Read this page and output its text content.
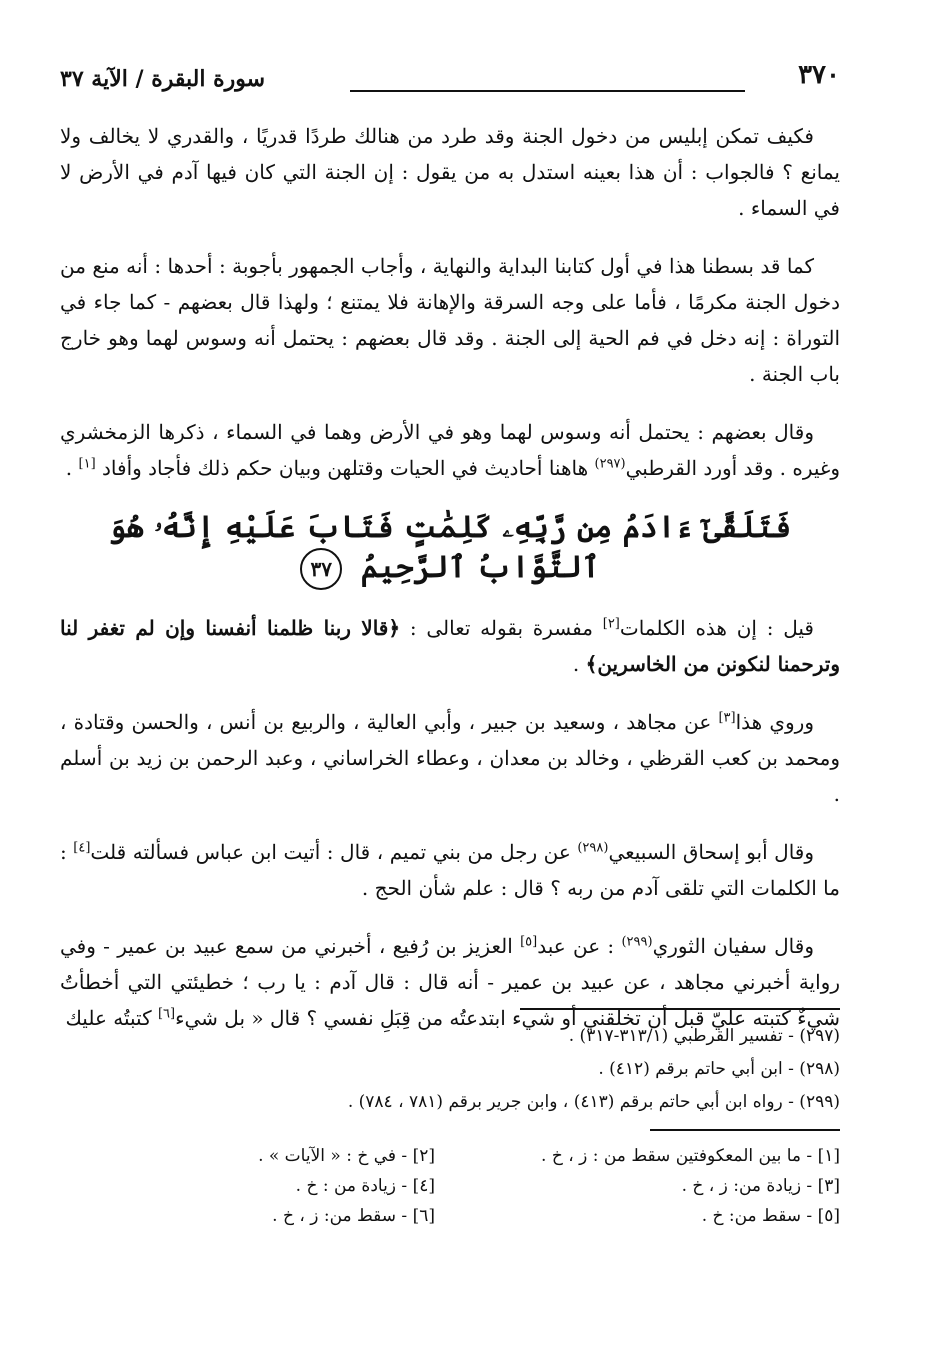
٣٧٠
سورة البقرة / الآية ٣٧

فكيف تمكن إبليس من دخول الجنة وقد طرد من هنالك طردًا قدريًا ، والقدري لا يخالف ولا يمانع ؟ فالجواب : أن هذا بعينه استدل به من يقول : إن الجنة التي كان فيها آدم في الأرض لا في السماء .

كما قد بسطنا هذا في أول كتابنا البداية والنهاية ، وأجاب الجمهور بأجوبة : أحدها : أنه منع من دخول الجنة مكرمًا ، فأما على وجه السرقة والإهانة فلا يمتنع ؛ ولهذا قال بعضهم - كما جاء في التوراة : إنه دخل في فم الحية إلى الجنة . وقد قال بعضهم : يحتمل أنه وسوس لهما وهو خارج باب الجنة .

وقال بعضهم : يحتمل أنه وسوس لهما وهو في الأرض وهما في السماء ، ذكرها الزمخشري وغيره . وقد أورد القرطبي$^{(٢٩٧)}$ هاهنا أحاديث في الحيات وقتلهن وبيان حكم ذلك فأجاد وأفاد [١] .

فَتَلَقَّىٰٓ ءَادَمُ مِن رَّبِّهِۦ كَلِمَٰتٍ فَتَابَ عَلَيْهِ إِنَّهُۥ هُوَ ٱلتَّوَّابُ ٱلرَّحِيمُ ٣٧

قيل : إن هذه الكلمات[٢] مفسرة بقوله تعالى : ﴿قالا ربنا ظلمنا أنفسنا وإن لم تغفر لنا وترحمنا لنكونن من الخاسرين﴾ .

وروي هذا[٣] عن مجاهد ، وسعيد بن جبير ، وأبي العالية ، والربيع بن أنس ، والحسن وقتادة ، ومحمد بن كعب القرظي ، وخالد بن معدان ، وعطاء الخراساني ، وعبد الرحمن بن زيد بن أسلم .

وقال أبو إسحاق السبيعي$^{(٢٩٨)}$ عن رجل من بني تميم ، قال : أتيت ابن عباس فسألته قلت[٤] : ما الكلمات التي تلقى آدم من ربه ؟ قال : علم شأن الحج .

وقال سفيان الثوري$^{(٢٩٩)}$ : عن عبد[٥] العزيز بن رُفيع ، أخبرني من سمع عبيد بن عمير - وفي رواية أخبرني مجاهد ، عن عبيد بن عمير - أنه قال : قال آدم : يا رب ؛ خطيئتي التي أخطأتُ شيءٌ كتبته عليّ قبل أن تخلقني أو شيء ابتدعتُه من قِبَلِ نفسي ؟ قال « بل شيء[٦] كتبتُه عليك

(٢٩٧) - تفسير القرطبي (٣١٣/١-٣١٧) .
(٢٩٨) - ابن أبي حاتم برقم (٤١٢) .
(٢٩٩) - رواه ابن أبي حاتم برقم (٤١٣) ، وابن جرير برقم (٧٨١ ، ٧٨٤) .
[١] - ما بين المعكوفتين سقط من : ز ، خ .
[٢] - في خ : « الآيات » .
[٣] - زيادة من: ز ، خ .
[٤] - زيادة من : خ .
[٥] - سقط من: خ .
[٦] - سقط من: ز ، خ .
